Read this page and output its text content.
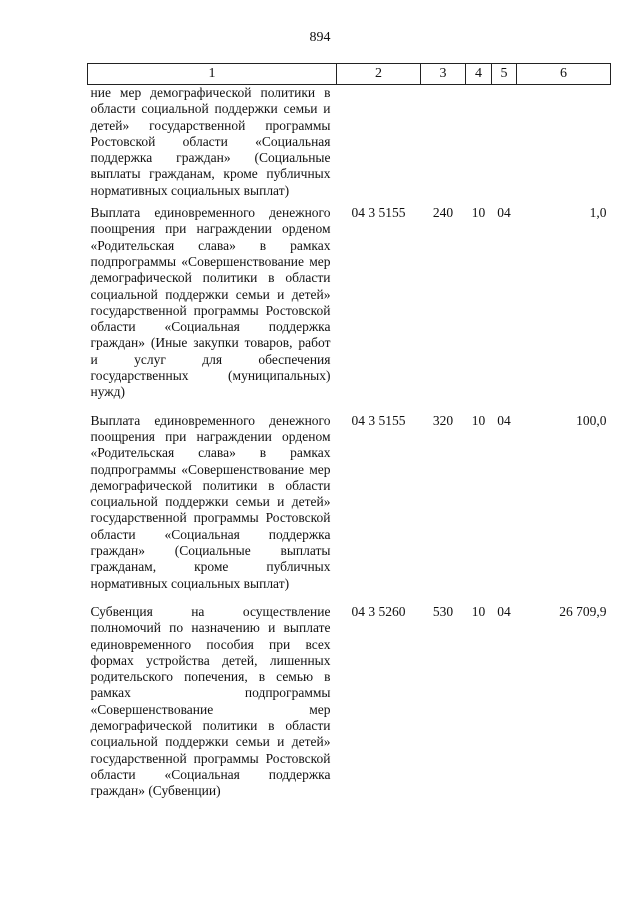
894
1	2	3	4	5	6
ние мер демографической политики в области социальной поддержки семьи и детей» государственной программы Ростовской области «Социальная поддержка граждан» (Социальные выплаты гражданам, кроме публичных нормативных социальных выплат)					
Выплата единовременного денежного поощрения при награждении орденом «Родительская слава» в рамках подпрограммы «Совершенствование мер демографической политики в области социальной поддержки семьи и детей» государственной программы Ростовской области «Социальная поддержка граждан» (Иные закупки товаров, работ и услуг для обеспечения государственных (муниципальных) нужд)	04 3 5155	240	10	04	1,0
Выплата единовременного денежного поощрения при награждении орденом «Родительская слава» в рамках подпрограммы «Совершенствование мер демографической политики в области социальной поддержки семьи и детей» государственной программы Ростовской области «Социальная поддержка граждан» (Социальные выплаты гражданам, кроме публичных нормативных социальных выплат)	04 3 5155	320	10	04	100,0
Субвенция на осуществление полномочий по назначению и выплате единовременного пособия при всех формах устройства детей, лишенных родительского попечения, в семью в рамках подпрограммы «Совершенствование мер демографической политики в области социальной поддержки семьи и детей» государственной программы Ростовской области «Социальная поддержка граждан» (Субвенции)	04 3 5260	530	10	04	26 709,9
